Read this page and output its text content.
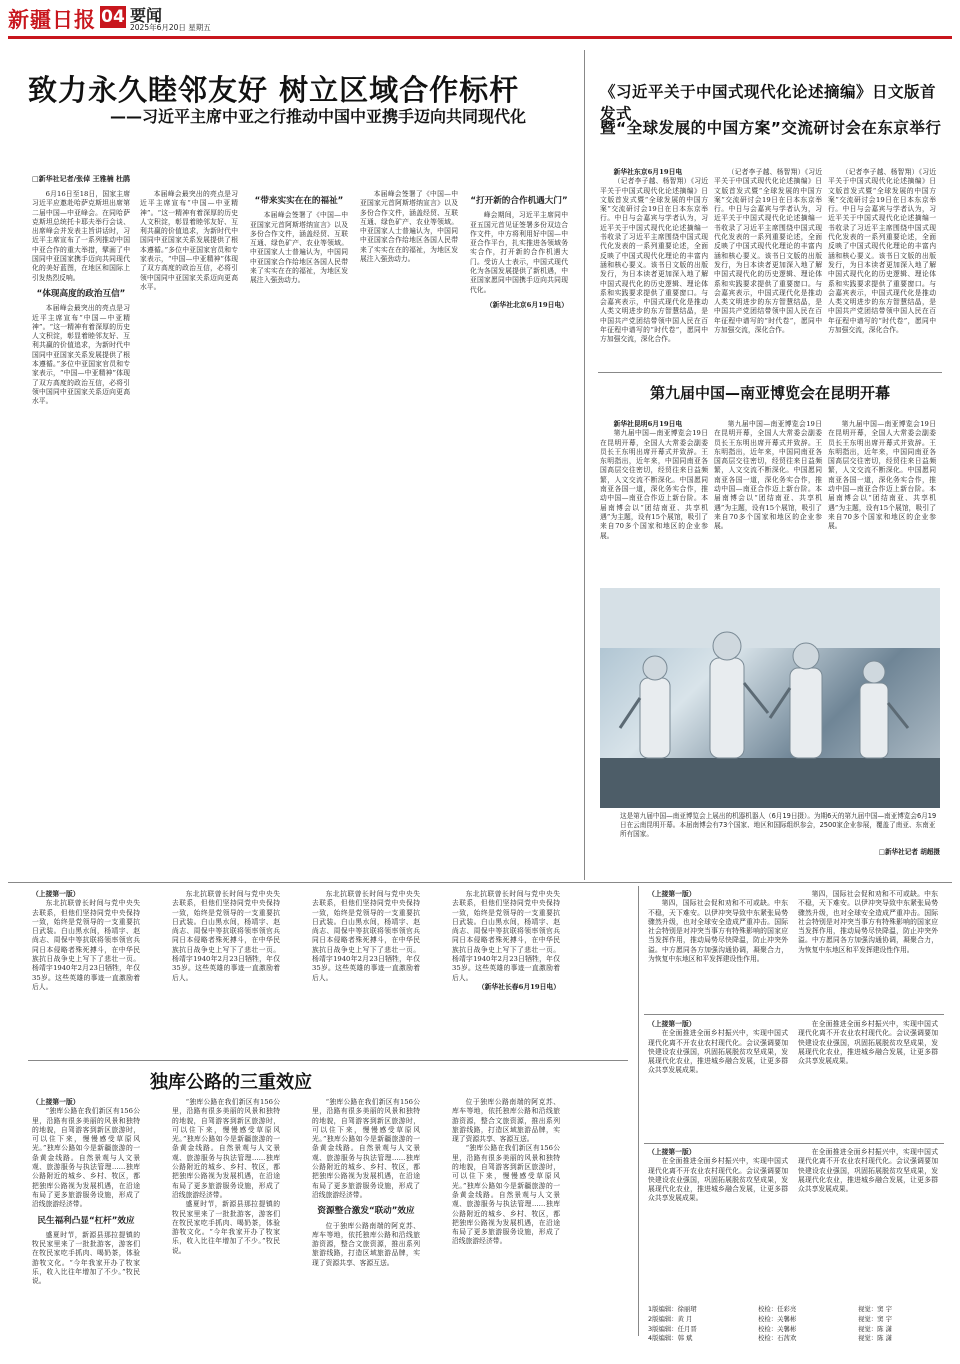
新疆日报 04 要闻
2025年6月20日 星期五
致力永久睦邻友好 树立区域合作标杆
——习近平主席中亚之行推动中国中亚携手迈向共同现代化
□新华社记者/张倬 王雅楠 杜鹃

6月16日至18日，国家主席习近平应邀赴哈萨克斯坦出席第二届中国—中亚峰会。在同哈萨克斯坦总统托卡耶夫举行会谈、出席峰会并发表主旨讲话时，习近平主席宣布了一系列推动中国中亚合作的重大举措，擘画了中国同中亚国家携手迈向共同现代化的美好蓝图，在地区和国际上引发热烈反响。

“体现高度的政治互信”

本届峰会最突出的亮点是习近平主席宣布“中国—中亚精神”。“这一精神有着深厚的历史人文积淀，彰显着睦邻友好、互利共赢的价值追求，为新时代中国同中亚国家关系发展提供了根本遵循。”多位中亚国家官员和专家表示，“中国—中亚精神”体现了双方高度的政治互信，必将引领中国同中亚国家关系迈向更高水平。

本届峰会最突出的亮点是习近平主席宣布“中国—中亚精神”。“这一精神有着深厚的历史人文积淀，彰显着睦邻友好、互利共赢的价值追求，为新时代中国同中亚国家关系发展提供了根本遵循。”多位中亚国家官员和专家表示，“中国—中亚精神”体现了双方高度的政治互信，必将引领中国同中亚国家关系迈向更高水平。

“带来实实在在的福祉”

本届峰会签署了《中国—中亚国家元首阿斯塔纳宣言》以及多份合作文件，涵盖经贸、互联互通、绿色矿产、农业等领域。中亚国家人士普遍认为，中国同中亚国家合作给地区各国人民带来了实实在在的福祉，为地区发展注入强劲动力。

本届峰会签署了《中国—中亚国家元首阿斯塔纳宣言》以及多份合作文件，涵盖经贸、互联互通、绿色矿产、农业等领域。中亚国家人士普遍认为，中国同中亚国家合作给地区各国人民带来了实实在在的福祉，为地区发展注入强劲动力。

“打开新的合作机遇大门”

峰会期间，习近平主席同中亚五国元首见证签署多份双边合作文件，中方将利用好中国—中亚合作平台，扎实推进各领域务实合作，打开新的合作机遇大门。受访人士表示，中国式现代化为各国发展提供了新机遇，中亚国家愿同中国携手迈向共同现代化。

（新华社北京6月19日电）

《习近平关于中国式现代化论述摘编》日文版首发式
暨“全球发展的中国方案”交流研讨会在东京举行

新华社东京6月19日电

（记者李子越、杨智翔）《习近平关于中国式现代化论述摘编》日文版首发式暨“全球发展的中国方案”交流研讨会19日在日本东京举行。中日与会嘉宾与学者认为，习近平关于中国式现代化论述摘编一书收录了习近平主席围绕中国式现代化发表的一系列重要论述，全面反映了中国式现代化理论的丰富内涵和核心要义。该书日文版的出版发行，为日本读者更加深入地了解中国式现代化的历史逻辑、理论体系和实践要求提供了重要窗口。与会嘉宾表示，中国式现代化是推动人类文明进步的东方智慧结晶，是中国共产党团结带领中国人民在百年征程中谱写的“时代卷”，愿同中方加强交流，深化合作。

（记者李子越、杨智翔）《习近平关于中国式现代化论述摘编》日文版首发式暨“全球发展的中国方案”交流研讨会19日在日本东京举行。中日与会嘉宾与学者认为，习近平关于中国式现代化论述摘编一书收录了习近平主席围绕中国式现代化发表的一系列重要论述，全面反映了中国式现代化理论的丰富内涵和核心要义。该书日文版的出版发行，为日本读者更加深入地了解中国式现代化的历史逻辑、理论体系和实践要求提供了重要窗口。与会嘉宾表示，中国式现代化是推动人类文明进步的东方智慧结晶，是中国共产党团结带领中国人民在百年征程中谱写的“时代卷”，愿同中方加强交流，深化合作。

（记者李子越、杨智翔）《习近平关于中国式现代化论述摘编》日文版首发式暨“全球发展的中国方案”交流研讨会19日在日本东京举行。中日与会嘉宾与学者认为，习近平关于中国式现代化论述摘编一书收录了习近平主席围绕中国式现代化发表的一系列重要论述，全面反映了中国式现代化理论的丰富内涵和核心要义。该书日文版的出版发行，为日本读者更加深入地了解中国式现代化的历史逻辑、理论体系和实践要求提供了重要窗口。与会嘉宾表示，中国式现代化是推动人类文明进步的东方智慧结晶，是中国共产党团结带领中国人民在百年征程中谱写的“时代卷”，愿同中方加强交流，深化合作。

第九届中国—南亚博览会在昆明开幕

新华社昆明6月19日电

第九届中国—南亚博览会19日在昆明开幕，全国人大常委会副委员长王东明出席开幕式并致辞。王东明指出，近年来，中国同南亚各国高层交往密切，经贸往来日益频繁，人文交流不断深化。中国愿同南亚各国一道，深化务实合作，推动中国—南亚合作迈上新台阶。本届南博会以“团结南亚、共享机遇”为主题，设有15个展馆，吸引了来自70多个国家和地区的企业参展。

第九届中国—南亚博览会19日在昆明开幕，全国人大常委会副委员长王东明出席开幕式并致辞。王东明指出，近年来，中国同南亚各国高层交往密切，经贸往来日益频繁，人文交流不断深化。中国愿同南亚各国一道，深化务实合作，推动中国—南亚合作迈上新台阶。本届南博会以“团结南亚、共享机遇”为主题，设有15个展馆，吸引了来自70多个国家和地区的企业参展。

第九届中国—南亚博览会19日在昆明开幕，全国人大常委会副委员长王东明出席开幕式并致辞。王东明指出，近年来，中国同南亚各国高层交往密切，经贸往来日益频繁，人文交流不断深化。中国愿同南亚各国一道，深化务实合作，推动中国—南亚合作迈上新台阶。本届南博会以“团结南亚、共享机遇”为主题，设有15个展馆，吸引了来自70多个国家和地区的企业参展。

这是第九届中国—南亚博览会上展出的机器机器人（6月19日摄）。为期6天的第九届中国—南亚博览会6月19日在云南昆明开幕。本届南博会有73个国家、地区和国际组织参会，2500家企业参展，覆盖了南亚、东南亚所有国家。
□新华社记者 胡超摄

（上接第一版）

东北抗联曾长时间与党中央失去联系，但他们坚持同党中央保持一致，始终是党领导的一支重要抗日武装。白山黑水间，杨靖宇、赵尚志、周保中等抗联将领率领官兵同日本侵略者殊死搏斗，在中华民族抗日战争史上写下了悲壮一页。杨靖宇1940年2月23日牺牲，年仅35岁。这些英雄的事迹一直激励着后人。

东北抗联曾长时间与党中央失去联系，但他们坚持同党中央保持一致，始终是党领导的一支重要抗日武装。白山黑水间，杨靖宇、赵尚志、周保中等抗联将领率领官兵同日本侵略者殊死搏斗，在中华民族抗日战争史上写下了悲壮一页。杨靖宇1940年2月23日牺牲，年仅35岁。这些英雄的事迹一直激励着后人。

东北抗联曾长时间与党中央失去联系，但他们坚持同党中央保持一致，始终是党领导的一支重要抗日武装。白山黑水间，杨靖宇、赵尚志、周保中等抗联将领率领官兵同日本侵略者殊死搏斗，在中华民族抗日战争史上写下了悲壮一页。杨靖宇1940年2月23日牺牲，年仅35岁。这些英雄的事迹一直激励着后人。

东北抗联曾长时间与党中央失去联系，但他们坚持同党中央保持一致，始终是党领导的一支重要抗日武装。白山黑水间，杨靖宇、赵尚志、周保中等抗联将领率领官兵同日本侵略者殊死搏斗，在中华民族抗日战争史上写下了悲壮一页。杨靖宇1940年2月23日牺牲，年仅35岁。这些英雄的事迹一直激励着后人。

（新华社长春6月19日电）

（上接第一版）

第四，国际社会促和劝和不可或缺。中东不稳，天下难安。以伊冲突导致中东紧张局势骤然升级，也对全球安全造成严重冲击。国际社会特别是对冲突当事方有特殊影响的国家应当发挥作用，推动局势尽快降温，防止冲突外溢。中方愿同各方加强沟通协调，凝聚合力，为恢复中东地区和平发挥建设性作用。

第四，国际社会促和劝和不可或缺。中东不稳，天下难安。以伊冲突导致中东紧张局势骤然升级，也对全球安全造成严重冲击。国际社会特别是对冲突当事方有特殊影响的国家应当发挥作用，推动局势尽快降温，防止冲突外溢。中方愿同各方加强沟通协调，凝聚合力，为恢复中东地区和平发挥建设性作用。

（上接第一版）

在全面推进全面乡村振兴中，实现中国式现代化离不开农业农村现代化。会议强调要加快建设农业强国，巩固拓展脱贫攻坚成果，发展现代化农业，推进城乡融合发展，让更多群众共享发展成果。

在全面推进全面乡村振兴中，实现中国式现代化离不开农业农村现代化。会议强调要加快建设农业强国，巩固拓展脱贫攻坚成果，发展现代化农业，推进城乡融合发展，让更多群众共享发展成果。

（上接第一版）

在全面推进全面乡村振兴中，实现中国式现代化离不开农业农村现代化。会议强调要加快建设农业强国，巩固拓展脱贫攻坚成果，发展现代化农业，推进城乡融合发展，让更多群众共享发展成果。

在全面推进全面乡村振兴中，实现中国式现代化离不开农业农村现代化。会议强调要加快建设农业强国，巩固拓展脱贫攻坚成果，发展现代化农业，推进城乡融合发展，让更多群众共享发展成果。

独库公路的三重效应

（上接第一版）

“独库公路在我们新区有156公里，沿路有很多美丽的风景和独特的地貌，自驾游客到新区旅游时，可以住下来，慢慢感受草原风光。”独库公路如今是新疆旅游的一条黄金线路。自然景观与人文景观、旅游服务与执法管理……独库公路附近的城乡、乡村、牧区，都把独库公路视为发展机遇，在沿途布局了更多旅游服务设施，形成了沿线旅游经济带。

民生福利凸显“杠杆”效应

盛夏时节，新源县那拉提镇的牧民家里来了一批批游客，游客们在牧民家吃手抓肉、喝奶茶，体验游牧文化。“今年我家开办了牧家乐，收入比往年增加了不少。”牧民说。

“独库公路在我们新区有156公里，沿路有很多美丽的风景和独特的地貌，自驾游客到新区旅游时，可以住下来，慢慢感受草原风光。”独库公路如今是新疆旅游的一条黄金线路。自然景观与人文景观、旅游服务与执法管理……独库公路附近的城乡、乡村、牧区，都把独库公路视为发展机遇，在沿途布局了更多旅游服务设施，形成了沿线旅游经济带。

盛夏时节，新源县那拉提镇的牧民家里来了一批批游客，游客们在牧民家吃手抓肉、喝奶茶，体验游牧文化。“今年我家开办了牧家乐，收入比往年增加了不少。”牧民说。

“独库公路在我们新区有156公里，沿路有很多美丽的风景和独特的地貌，自驾游客到新区旅游时，可以住下来，慢慢感受草原风光。”独库公路如今是新疆旅游的一条黄金线路。自然景观与人文景观、旅游服务与执法管理……独库公路附近的城乡、乡村、牧区，都把独库公路视为发展机遇，在沿途布局了更多旅游服务设施，形成了沿线旅游经济带。

资源整合激发“联动”效应

位于独库公路南端的阿克苏、库车等地，依托独库公路和沿线旅游资源，整合文旅资源，推出系列旅游线路，打造区域旅游品牌，实现了资源共享、客源互送。

位于独库公路南端的阿克苏、库车等地，依托独库公路和沿线旅游资源，整合文旅资源，推出系列旅游线路，打造区域旅游品牌，实现了资源共享、客源互送。

“独库公路在我们新区有156公里，沿路有很多美丽的风景和独特的地貌，自驾游客到新区旅游时，可以住下来，慢慢感受草原风光。”独库公路如今是新疆旅游的一条黄金线路。自然景观与人文景观、旅游服务与执法管理……独库公路附近的城乡、乡村、牧区，都把独库公路视为发展机遇，在沿途布局了更多旅游服务设施，形成了沿线旅游经济带。

1版编辑：徐丽珺	校检：任彩亮	视觉：窦 宇
2版编辑：黄 月	校检：关馨彬	视觉：窦 宇
3版编辑：任月晋	校检：关馨彬	视觉：陈 潇
4版编辑：韩 斌	校检：石茜欢	视觉：陈 潇
